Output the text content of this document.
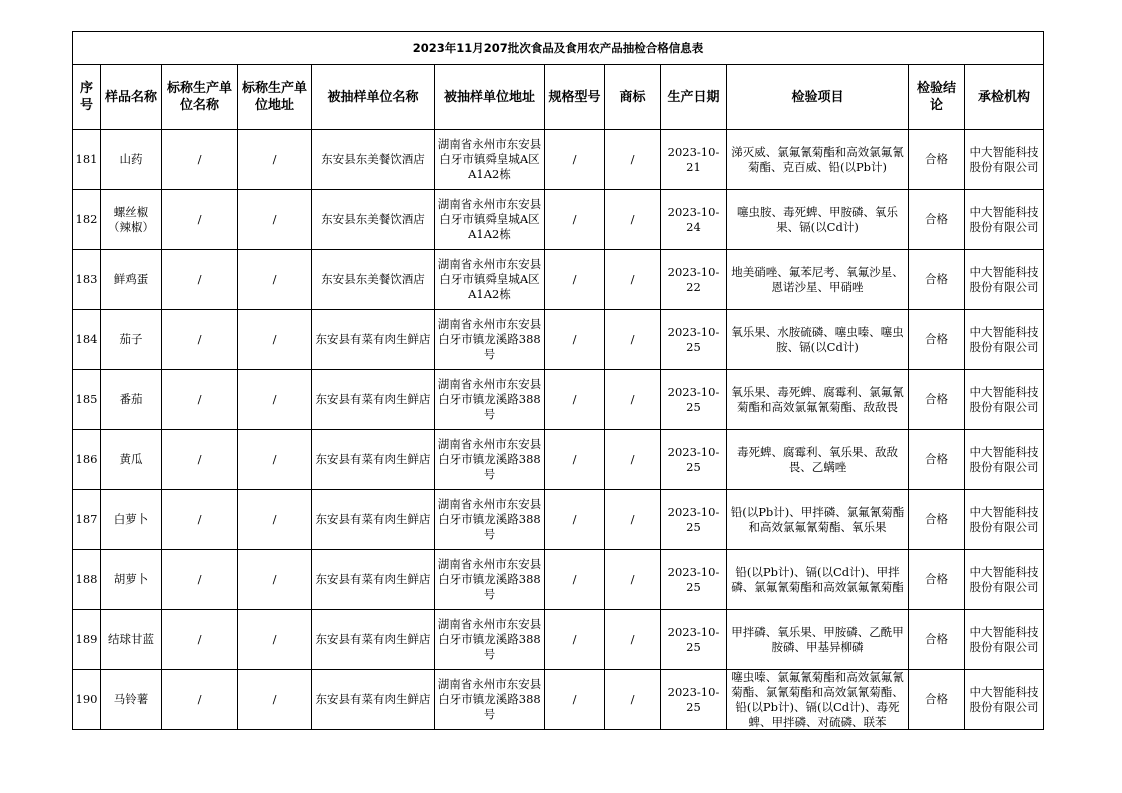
2023年11月207批次食品及食用农产品抽检合格信息表											
序号	样品名称	标称生产单位名称	标称生产单位地址	被抽样单位名称	被抽样单位地址	规格型号	商标	生产日期	检验项目	检验结论	承检机构

181	山药	/	/	东安县东美餐饮酒店	湖南省永州市东安县白牙市镇舜皇城A区A1A2栋	/	/	2023-10-21	涕灭威、氯氟氰菊酯和高效氯氟氰菊酯、克百威、铅(以Pb计)	合格	中大智能科技股份有限公司

182	螺丝椒（辣椒）	/	/	东安县东美餐饮酒店	湖南省永州市东安县白牙市镇舜皇城A区A1A2栋	/	/	2023-10-24	噻虫胺、毒死蜱、甲胺磷、氧乐果、镉(以Cd计)	合格	中大智能科技股份有限公司

183	鲜鸡蛋	/	/	东安县东美餐饮酒店	湖南省永州市东安县白牙市镇舜皇城A区A1A2栋	/	/	2023-10-22	地美硝唑、氟苯尼考、氧氟沙星、恩诺沙星、甲硝唑	合格	中大智能科技股份有限公司

184	茄子	/	/	东安县有菜有肉生鲜店	湖南省永州市东安县白牙市镇龙溪路388号	/	/	2023-10-25	氧乐果、水胺硫磷、噻虫嗪、噻虫胺、镉(以Cd计)	合格	中大智能科技股份有限公司

185	番茄	/	/	东安县有菜有肉生鲜店	湖南省永州市东安县白牙市镇龙溪路388号	/	/	2023-10-25	氧乐果、毒死蜱、腐霉利、氯氟氰菊酯和高效氯氟氰菊酯、敌敌畏	合格	中大智能科技股份有限公司

186	黄瓜	/	/	东安县有菜有肉生鲜店	湖南省永州市东安县白牙市镇龙溪路388号	/	/	2023-10-25	毒死蜱、腐霉利、氧乐果、敌敌畏、乙螨唑	合格	中大智能科技股份有限公司

187	白萝卜	/	/	东安县有菜有肉生鲜店	湖南省永州市东安县白牙市镇龙溪路388号	/	/	2023-10-25	铅(以Pb计)、甲拌磷、氯氟氰菊酯和高效氯氟氰菊酯、氧乐果	合格	中大智能科技股份有限公司

188	胡萝卜	/	/	东安县有菜有肉生鲜店	湖南省永州市东安县白牙市镇龙溪路388号	/	/	2023-10-25	铅(以Pb计)、镉(以Cd计)、甲拌磷、氯氟氰菊酯和高效氯氟氰菊酯	合格	中大智能科技股份有限公司

189	结球甘蓝	/	/	东安县有菜有肉生鲜店	湖南省永州市东安县白牙市镇龙溪路388号	/	/	2023-10-25	甲拌磷、氧乐果、甲胺磷、乙酰甲胺磷、甲基异柳磷	合格	中大智能科技股份有限公司

190	马铃薯	/	/	东安县有菜有肉生鲜店	湖南省永州市东安县白牙市镇龙溪路388号	/	/	2023-10-25	噻虫嗪、氯氟氰菊酯和高效氯氟氰菊酯、氯氰菊酯和高效氯氰菊酯、铅(以Pb计)、镉(以Cd计)、毒死蜱、甲拌磷、对硫磷、联苯	合格	中大智能科技股份有限公司
